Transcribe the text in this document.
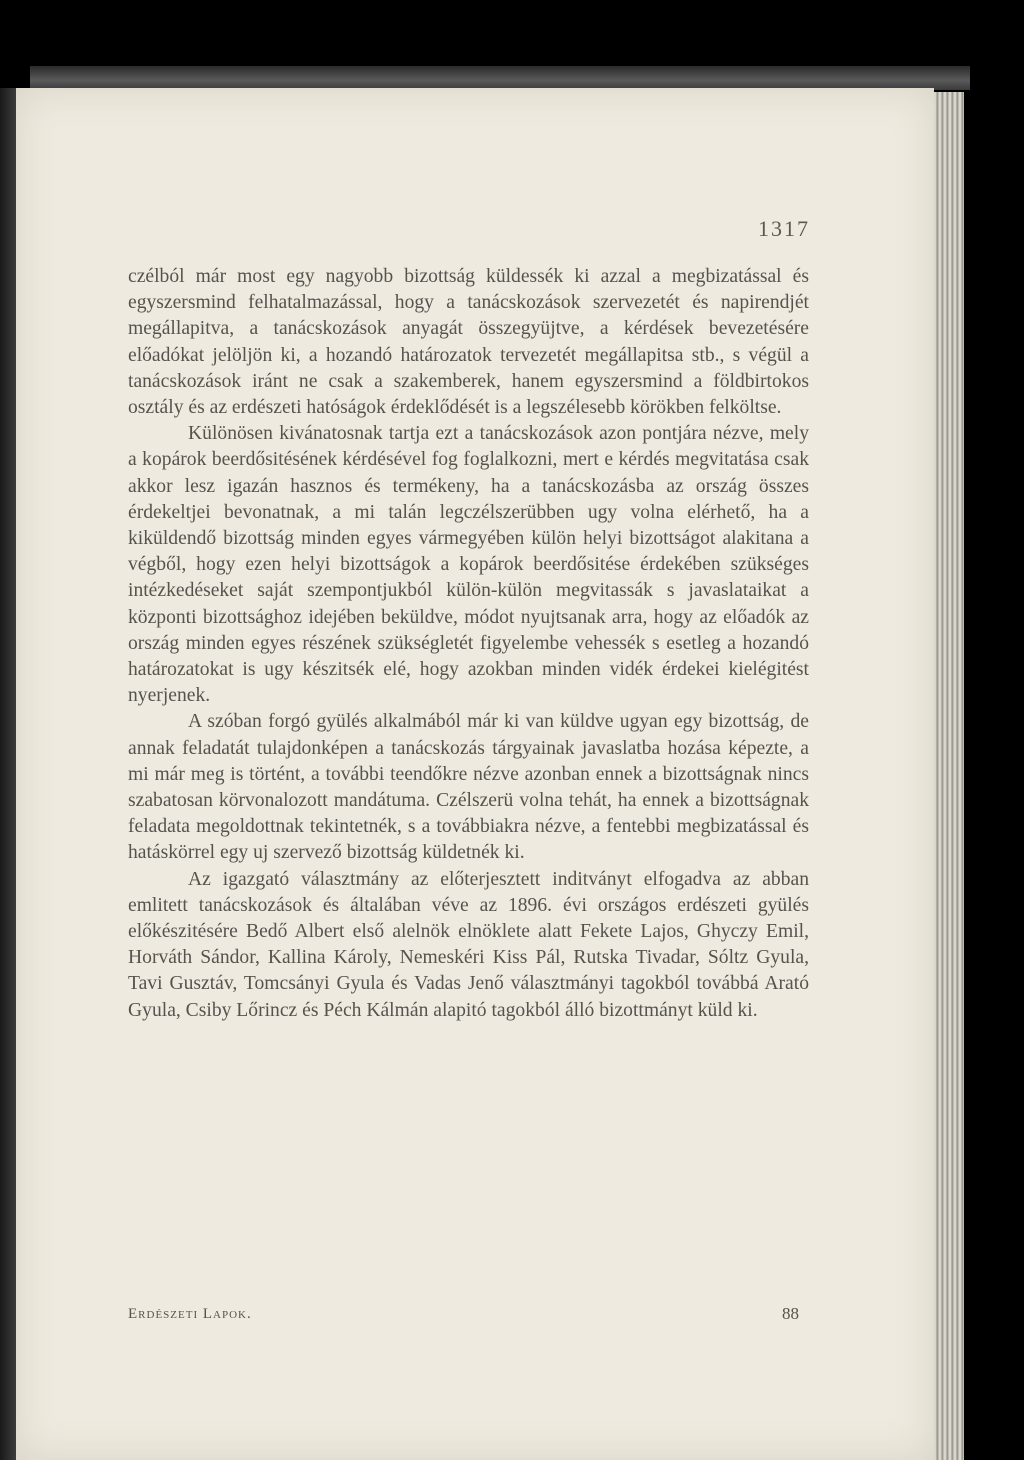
1317

czélból már most egy nagyobb bizottság küldessék ki azzal a megbizatással és egyszersmind felhatalmazással, hogy a tanácskozások szervezetét és napirendjét megállapitva, a tanácskozások anyagát összegyüjtve, a kérdések bevezetésére előadókat jelöljön ki, a hozandó határozatok tervezetét megállapitsa stb., s végül a tanácskozások iránt ne csak a szakemberek, hanem egyszersmind a földbirtokos osztály és az erdészeti hatóságok érdeklődését is a legszélesebb körökben felköltse.

Különösen kivánatosnak tartja ezt a tanácskozások azon pontjára nézve, mely a kopárok beerdősitésének kérdésével fog foglalkozni, mert e kérdés megvitatása csak akkor lesz igazán hasznos és termékeny, ha a tanácskozásba az ország összes érdekeltjei bevonatnak, a mi talán legczélszerübben ugy volna elérhető, ha a kiküldendő bizottság minden egyes vármegyében külön helyi bizottságot alakitana a végből, hogy ezen helyi bizottságok a kopárok beerdősitése érdekében szükséges intézkedéseket saját szempontjukból külön-külön megvitassák s javaslataikat a központi bizottsághoz idejében beküldve, módot nyujtsanak arra, hogy az előadók az ország minden egyes részének szükségletét figyelembe vehessék s esetleg a hozandó határozatokat is ugy készitsék elé, hogy azokban minden vidék érdekei kielégitést nyerjenek.

A szóban forgó gyülés alkalmából már ki van küldve ugyan egy bizottság, de annak feladatát tulajdonképen a tanácskozás tárgyainak javaslatba hozása képezte, a mi már meg is történt, a további teendőkre nézve azonban ennek a bizottságnak nincs szabatosan körvonalozott mandátuma. Czélszerü volna tehát, ha ennek a bizottságnak feladata megoldottnak tekintetnék, s a továbbiakra nézve, a fentebbi megbizatással és hatáskörrel egy uj szervező bizottság küldetnék ki.

Az igazgató választmány az előterjesztett inditványt elfogadva az abban emlitett tanácskozások és általában véve az 1896. évi országos erdészeti gyülés előkészitésére Bedő Albert első alelnök elnöklete alatt Fekete Lajos, Ghyczy Emil, Horváth Sándor, Kallina Károly, Nemeskéri Kiss Pál, Rutska Tivadar, Sóltz Gyula, Tavi Gusztáv, Tomcsányi Gyula és Vadas Jenő választmányi tagokból továbbá Arató Gyula, Csiby Lőrincz és Péch Kálmán alapitó tagokból álló bizottmányt küld ki.

Erdészeti Lapok.	88
